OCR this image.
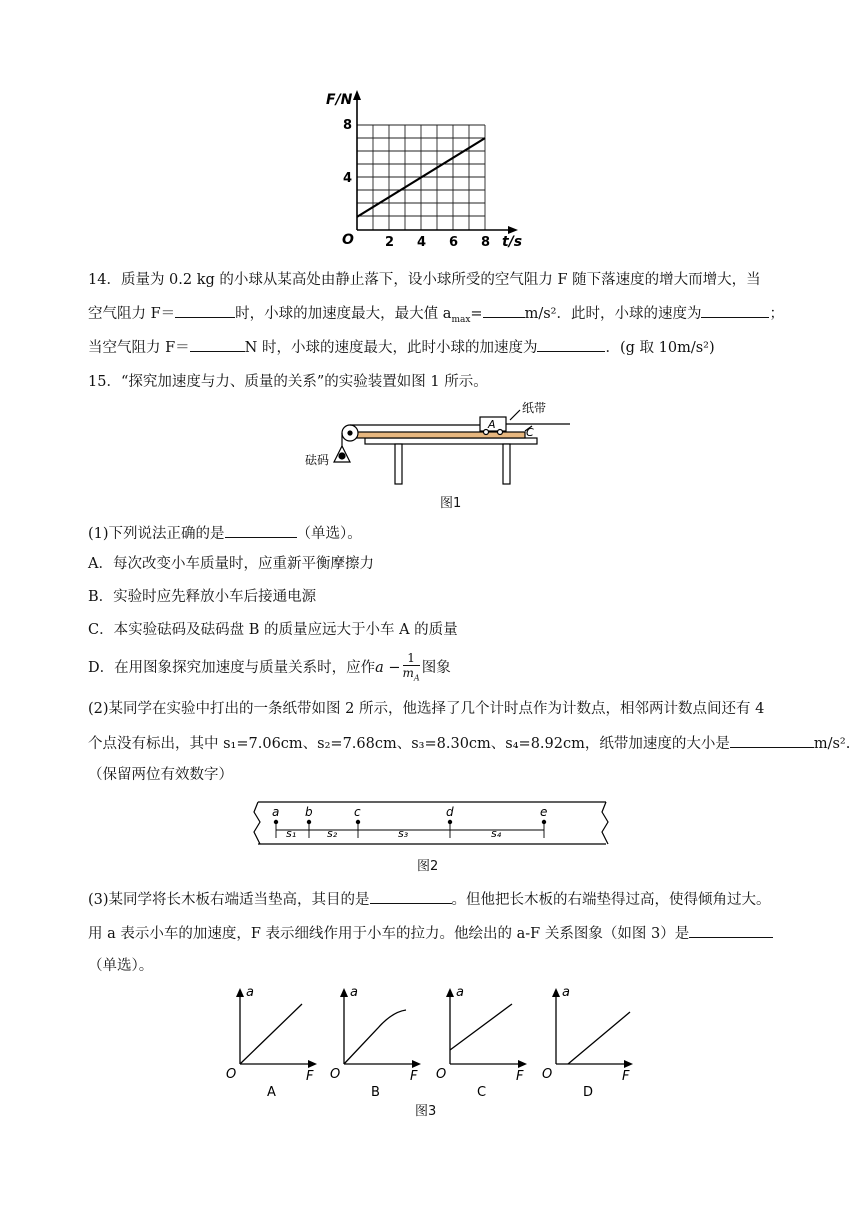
F/N
8
4
O 2 4 6 8 t/s
14．质量为 0.2 kg 的小球从某高处由静止落下，设小球所受的空气阻力 F 随下落速度的增大而增大，当
空气阻力 F＝	时，小球的加速度最大，最大值 $a_{max}=$	m/s²．此时，小球的速度为	；
当空气阻力 F＝	N 时，小球的速度最大，此时小球的加速度为	．(g 取 10m/s²)
15．“探究加速度与力、质量的关系”的实验装置如图 1 所示。
A
纸带
C
砝码
图1
(1)下列说法正确的是	（单选）。
A．每次改变小车质量时，应重新平衡摩擦力
B．实验时应先释放小车后接通电源
C．本实验砝码及砝码盘 B 的质量应远大于小车 A 的质量
D．在用图象探究加速度与质量关系时，应作$a - \frac{1}{m_A}$ 图象
(2)某同学在实验中打出的一条纸带如图 2 所示，他选择了几个计时点作为计数点，相邻两计数点间还有 4
个点没有标出，其中 s₁=7.06cm、s₂=7.68cm、s₃=8.30cm、s₄=8.92cm，纸带加速度的大小是	m/s².
（保留两位有效数字）
a b	c	d	e
s₁	s₂	s₃	s₄
图2
(3)某同学将长木板右端适当垫高，其目的是	。但他把长木板的右端垫得过高，使得倾角过大。
用 a 表示小车的加速度，F 表示细线作用于小车的拉力。他绘出的 a-F 关系图象（如图 3）是
（单选）。
a
O	F
A
a
O	F
B
a
O	F
C
a
O	F
D
图3
